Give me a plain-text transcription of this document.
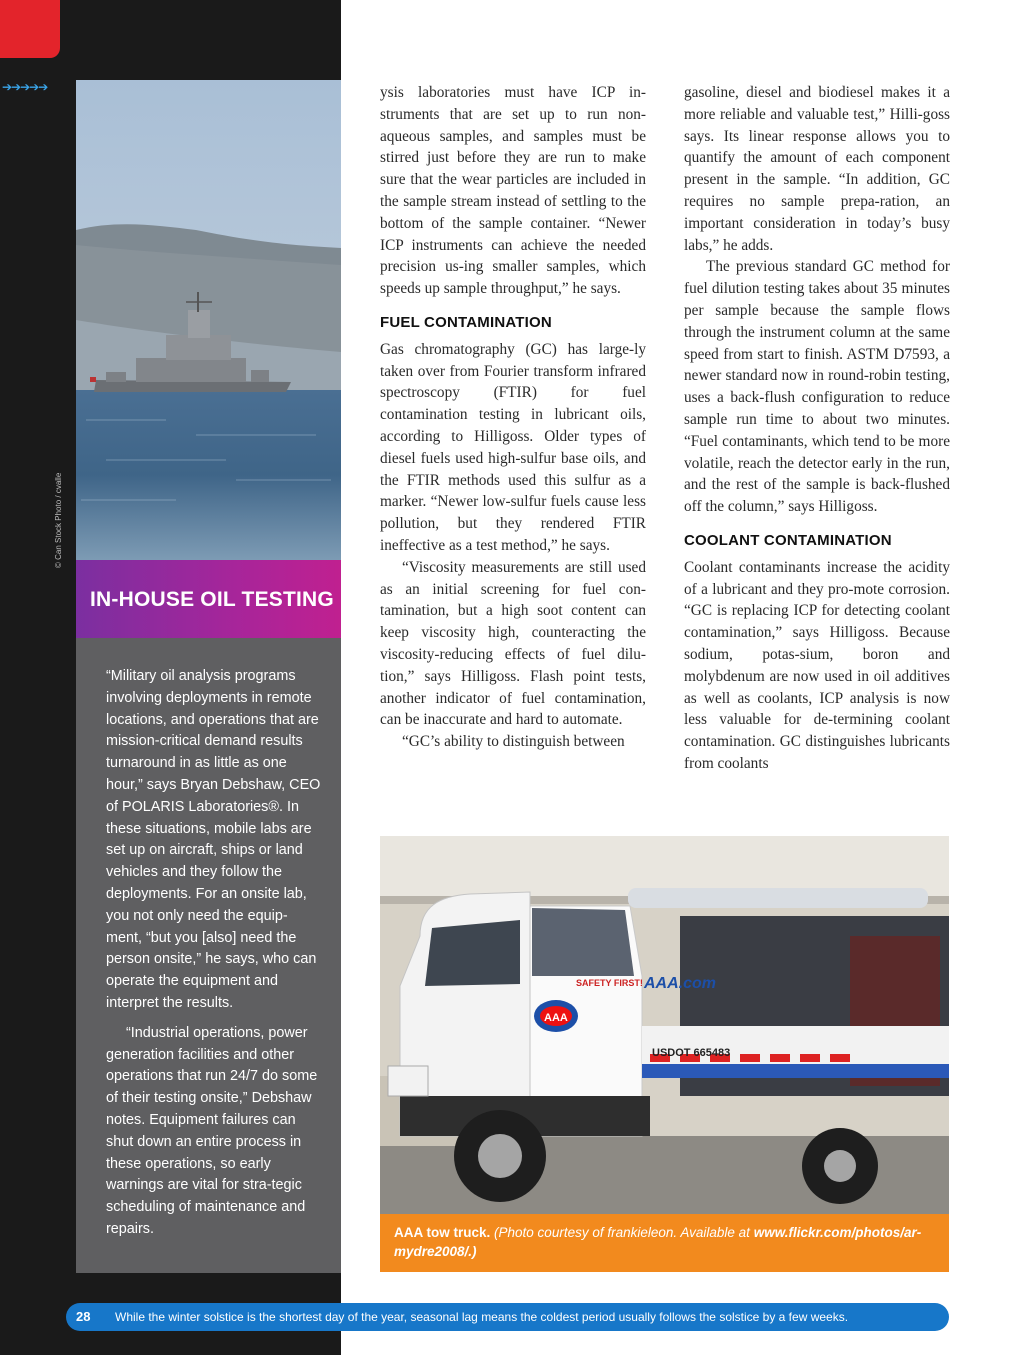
➔➔➔➔➔
© Can Stock Photo / cvalle
IN-HOUSE OIL TESTING

“Military oil analysis programs involving deployments in remote locations, and operations that are mission-critical demand results turnaround in as little as one hour,” says Bryan Debshaw, CEO of POLARIS Laboratories®. In these situations, mobile labs are set up on aircraft, ships or land vehicles and they follow the deployments. For an onsite lab, you not only need the equip-ment, “but you [also] need the person onsite,” he says, who can operate the equipment and interpret the results.

“Industrial operations, power generation facilities and other operations that run 24/7 do some of their testing onsite,” Debshaw notes. Equipment failures can shut down an entire process in these operations, so early warnings are vital for stra-tegic scheduling of maintenance and repairs.

ysis laboratories must have ICP in-struments that are set up to run non-aqueous samples, and samples must be stirred just before they are run to make sure that the wear particles are included in the sample stream instead of settling to the bottom of the sample container. “Newer ICP instruments can achieve the needed precision us-ing smaller samples, which speeds up sample throughput,” he says.

FUEL CONTAMINATION

Gas chromatography (GC) has large-ly taken over from Fourier transform infrared spectroscopy (FTIR) for fuel contamination testing in lubricant oils, according to Hilligoss. Older types of diesel fuels used high-sulfur base oils, and the FTIR methods used this sulfur as a marker. “Newer low-sulfur fuels cause less pollution, but they rendered FTIR ineffective as a test method,” he says.

“Viscosity measurements are still used as an initial screening for fuel con-tamination, but a high soot content can keep viscosity high, counteracting the viscosity-reducing effects of fuel dilu-tion,” says Hilligoss. Flash point tests, another indicator of fuel contamination, can be inaccurate and hard to automate.

“GC’s ability to distinguish between

gasoline, diesel and biodiesel makes it a more reliable and valuable test,” Hilli-goss says. Its linear response allows you to quantify the amount of each component present in the sample. “In addition, GC requires no sample prepa-ration, an important consideration in today’s busy labs,” he adds.

The previous standard GC method for fuel dilution testing takes about 35 minutes per sample because the sample flows through the instrument column at the same speed from start to finish. ASTM D7593, a newer standard now in round-robin testing, uses a back-flush configuration to reduce sample run time to about two minutes. “Fuel contaminants, which tend to be more volatile, reach the detector early in the run, and the rest of the sample is back-flushed off the column,” says Hilligoss.

COOLANT CONTAMINATION

Coolant contaminants increase the acidity of a lubricant and they pro-mote corrosion. “GC is replacing ICP for detecting coolant contamination,” says Hilligoss. Because sodium, potas-sium, boron and molybdenum are now used in oil additives as well as coolants, ICP analysis is now less valuable for de-termining coolant contamination. GC distinguishes lubricants from coolants

AAA
SAFETY FIRST! AAA.com
USDOT 665483
AAA tow truck. (Photo courtesy of frankieleon. Available at www.flickr.com/photos/ar-mydre2008/.)
28 While the winter solstice is the shortest day of the year, seasonal lag means the coldest period usually follows the solstice by a few weeks.
